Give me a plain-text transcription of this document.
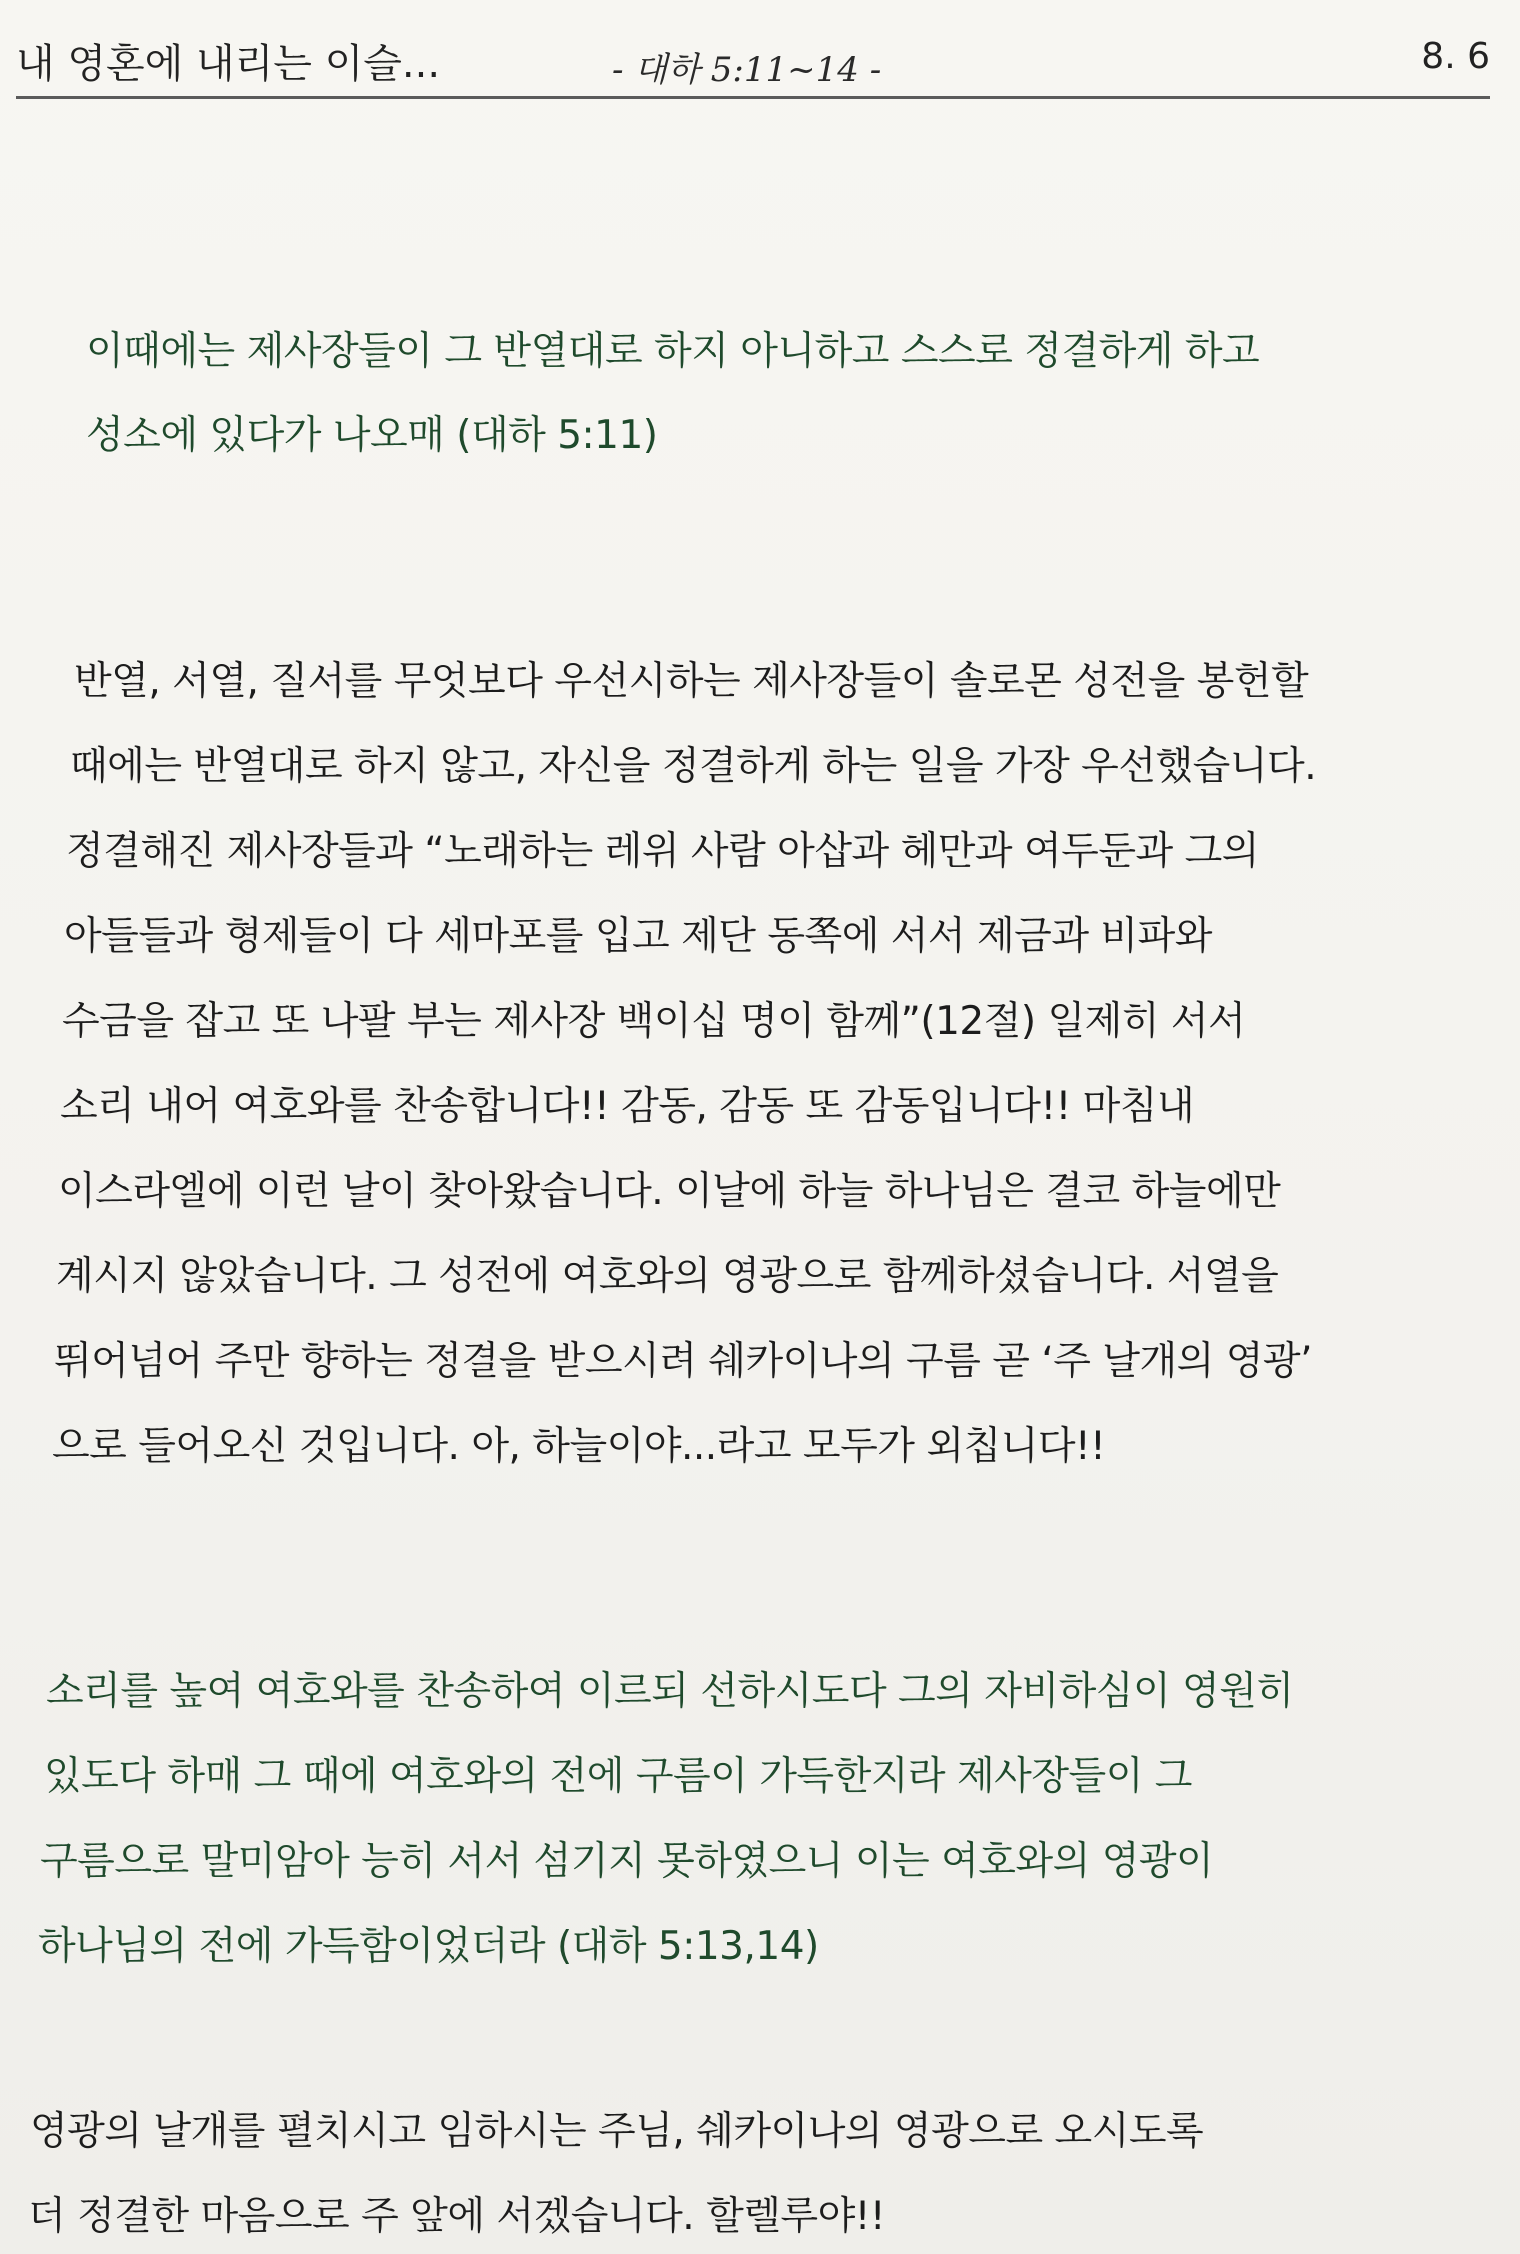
내 영혼에 내리는 이슬...	- 대하 5:11~14 -	8. 6
이때에는 제사장들이 그 반열대로 하지 아니하고 스스로 정결하게 하고
성소에 있다가 나오매 (대하 5:11)
반열, 서열, 질서를 무엇보다 우선시하는 제사장들이 솔로몬 성전을 봉헌할
때에는 반열대로 하지 않고, 자신을 정결하게 하는 일을 가장 우선했습니다.
정결해진 제사장들과 “노래하는 레위 사람 아삽과 헤만과 여두둔과 그의
아들들과 형제들이 다 세마포를 입고 제단 동쪽에 서서 제금과 비파와
수금을 잡고 또 나팔 부는 제사장 백이십 명이 함께”(12절) 일제히 서서
소리 내어 여호와를 찬송합니다!! 감동, 감동 또 감동입니다!! 마침내
이스라엘에 이런 날이 찾아왔습니다. 이날에 하늘 하나님은 결코 하늘에만
계시지 않았습니다. 그 성전에 여호와의 영광으로 함께하셨습니다. 서열을
뛰어넘어 주만 향하는 정결을 받으시려 쉐카이나의 구름 곧 ‘주 날개의 영광’
으로 들어오신 것입니다. 아, 하늘이야...라고 모두가 외칩니다!!
소리를 높여 여호와를 찬송하여 이르되 선하시도다 그의 자비하심이 영원히
있도다 하매 그 때에 여호와의 전에 구름이 가득한지라 제사장들이 그
구름으로 말미암아 능히 서서 섬기지 못하였으니 이는 여호와의 영광이
하나님의 전에 가득함이었더라 (대하 5:13,14)
영광의 날개를 펼치시고 임하시는 주님, 쉐카이나의 영광으로 오시도록
더 정결한 마음으로 주 앞에 서겠습니다. 할렐루야!!
